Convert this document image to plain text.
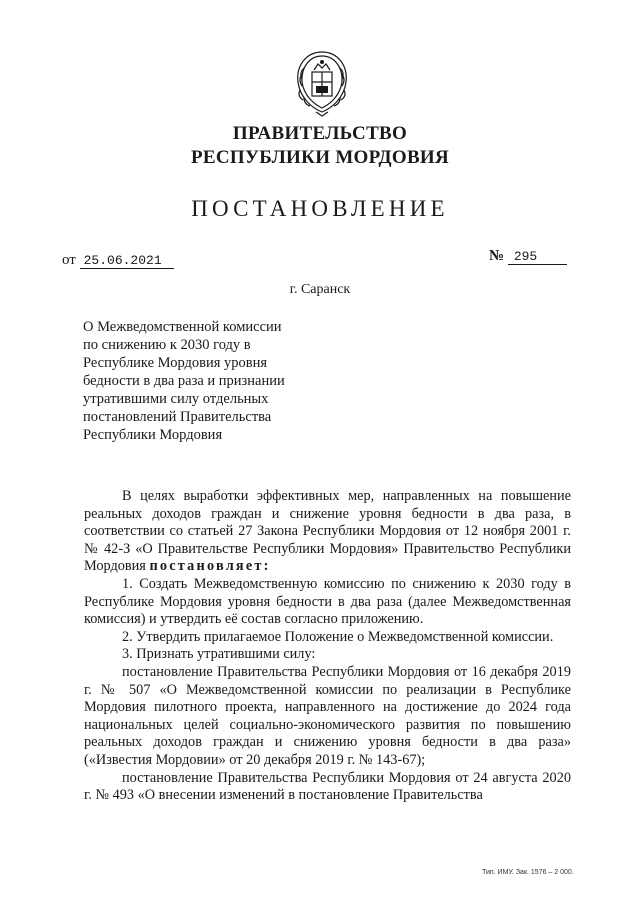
ПРАВИТЕЛЬСТВО
РЕСПУБЛИКИ МОРДОВИЯ
ПОСТАНОВЛЕНИЕ
от 25.06.2021	№ 295
г. Саранск

О Межведомственной комиссии

по снижению к 2030 году в

Республике Мордовия уровня

бедности в два раза и признании

утратившими силу отдельных

постановлений Правительства

Республики Мордовия

В целях выработки эффективных мер, направленных на повышение реальных доходов граждан и снижение уровня бедности в два раза, в соответствии со статьей 27 Закона Республики Мордовия от 12 ноября 2001 г. № 42-З «О Правительстве Республики Мордовия» Правительство Республики Мордовия постановляет:

1. Создать Межведомственную комиссию по снижению к 2030 году в Республике Мордовия уровня бедности в два раза (далее Межведомственная комиссия) и утвердить её состав согласно приложению.

2. Утвердить прилагаемое Положение о Межведомственной комиссии.

3. Признать утратившими силу:

постановление Правительства Республики Мордовия от 16 декабря 2019 г. № 507 «О Межведомственной комиссии по реализации в Республике Мордовия пилотного проекта, направленного на достижение до 2024 года национальных целей социально-экономического развития по повышению реальных доходов граждан и снижению уровня бедности в два раза» («Известия Мордовии» от 20 декабря 2019 г. № 143-67);

постановление Правительства Республики Мордовия от 24 августа 2020 г. № 493 «О внесении изменений в постановление Правительства

Тип. ИМУ. Зак. 1576 – 2 000.
